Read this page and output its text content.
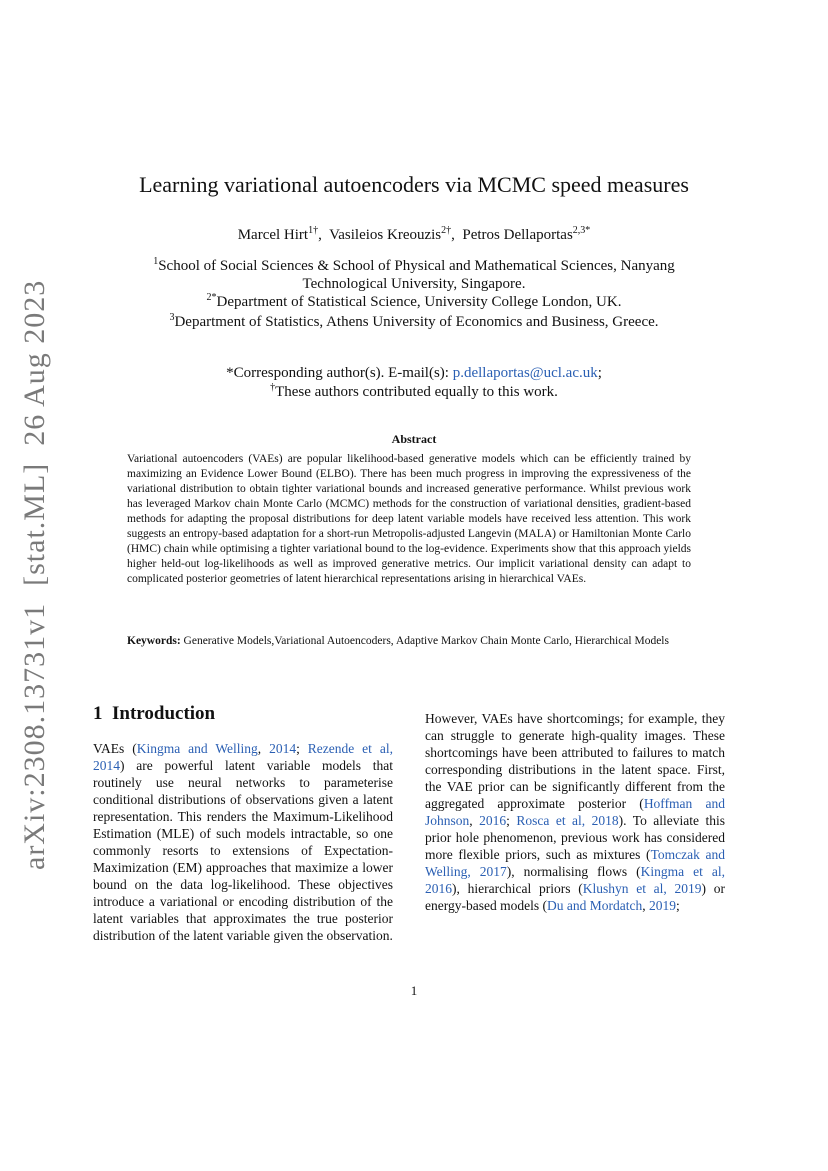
arXiv:2308.13731v1  [stat.ML]  26 Aug 2023
Learning variational autoencoders via MCMC speed measures
Marcel Hirt$^{1\dagger}$,  Vasileios Kreouzis$^{2\dagger}$,  Petros Dellaportas$^{2,3*}$
$^1$School of Social Sciences & School of Physical and Mathematical Sciences, Nanyang
Technological University, Singapore.
$^{2*}$Department of Statistical Science, University College London, UK.
$^3$Department of Statistics, Athens University of Economics and Business, Greece.
*Corresponding author(s). E-mail(s): p.dellaportas@ucl.ac.uk;
†These authors contributed equally to this work.
Abstract
Variational autoencoders (VAEs) are popular likelihood-based generative models which can be efficiently trained by maximizing an Evidence Lower Bound (ELBO). There has been much progress in improving the expressiveness of the variational distribution to obtain tighter variational bounds and increased generative performance. Whilst previous work has leveraged Markov chain Monte Carlo (MCMC) methods for the construction of variational densities, gradient-based methods for adapting the proposal distributions for deep latent variable models have received less attention. This work suggests an entropy-based adaptation for a short-run Metropolis-adjusted Langevin (MALA) or Hamiltonian Monte Carlo (HMC) chain while optimising a tighter variational bound to the log-evidence. Experiments show that this approach yields higher held-out log-likelihoods as well as improved generative metrics. Our implicit variational density can adapt to complicated posterior geometries of latent hierarchical representations arising in hierarchical VAEs.
Keywords: Generative Models,Variational Autoencoders, Adaptive Markov Chain Monte Carlo, Hierarchical Models
1 Introduction
VAEs (Kingma and Welling, 2014; Rezende et al, 2014) are powerful latent variable models that routinely use neural networks to parameterise conditional distributions of observations given a latent representation. This renders the Maximum-Likelihood Estimation (MLE) of such models intractable, so one commonly resorts to extensions of Expectation-Maximization (EM) approaches that maximize a lower bound on the data log-likelihood. These objectives introduce a variational or encoding distribution of the latent variables that approximates the true posterior distribution of the latent variable given the observation.
However, VAEs have shortcomings; for example, they can struggle to generate high-quality images. These shortcomings have been attributed to failures to match corresponding distributions in the latent space. First, the VAE prior can be significantly different from the aggregated approximate posterior (Hoffman and Johnson, 2016; Rosca et al, 2018). To alleviate this prior hole phenomenon, previous work has considered more flexible priors, such as mixtures (Tomczak and Welling, 2017), normalising flows (Kingma et al, 2016), hierarchical priors (Klushyn et al, 2019) or energy-based models (Du and Mordatch, 2019;
1
